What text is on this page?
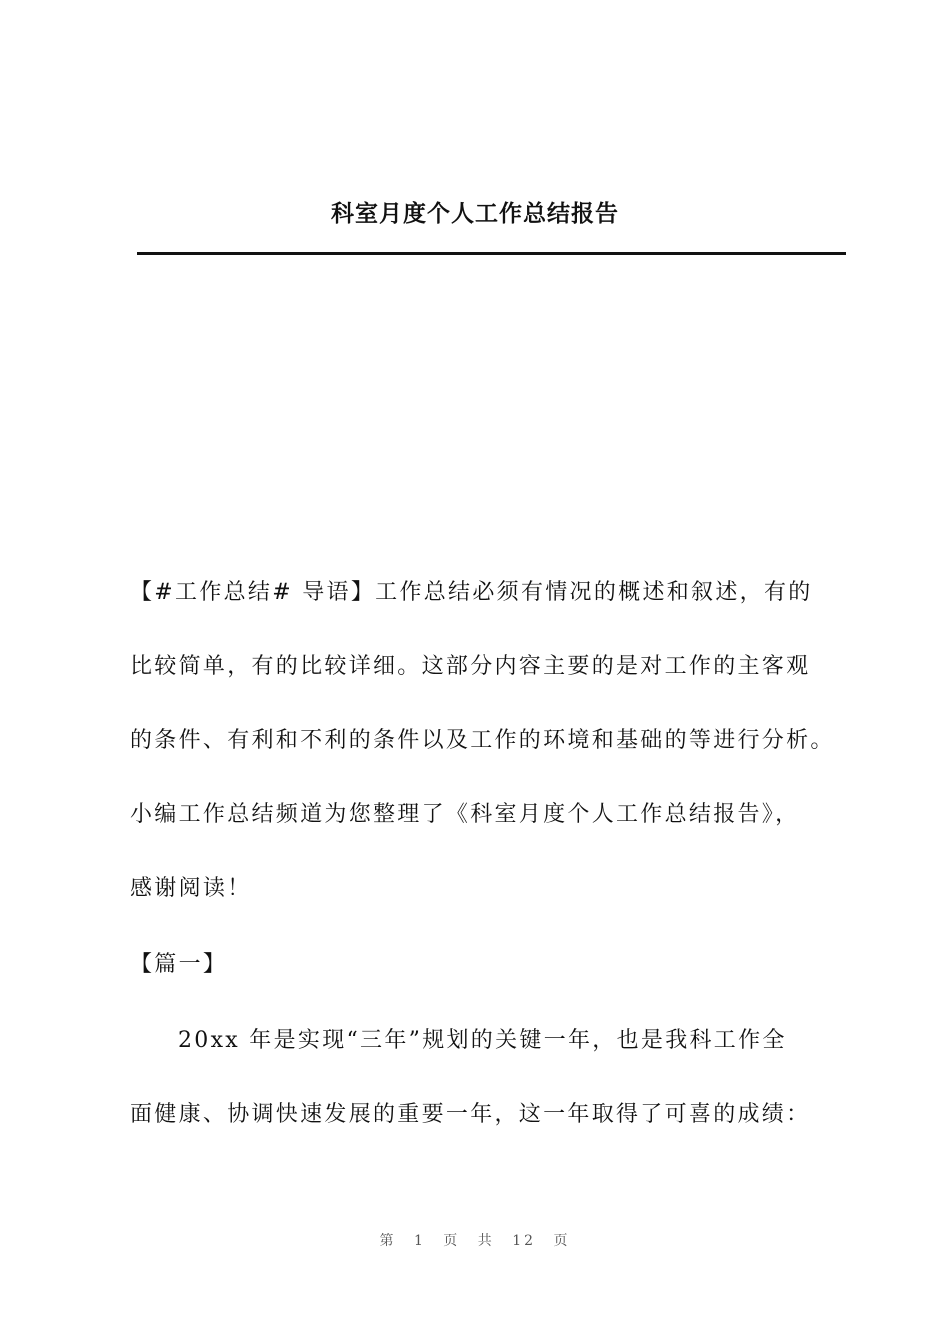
科室月度个人工作总结报告

【#工作总结# 导语】工作总结必须有情况的概述和叙述，有的

比较简单，有的比较详细。这部分内容主要的是对工作的主客观

的条件、有利和不利的条件以及工作的环境和基础的等进行分析。

小编工作总结频道为您整理了《科室月度个人工作总结报告》，

感谢阅读！

【篇一】

20xx 年是实现“三年”规划的关键一年，也是我科工作全

面健康、协调快速发展的重要一年，这一年取得了可喜的成绩：

第 1 页 共 12 页
